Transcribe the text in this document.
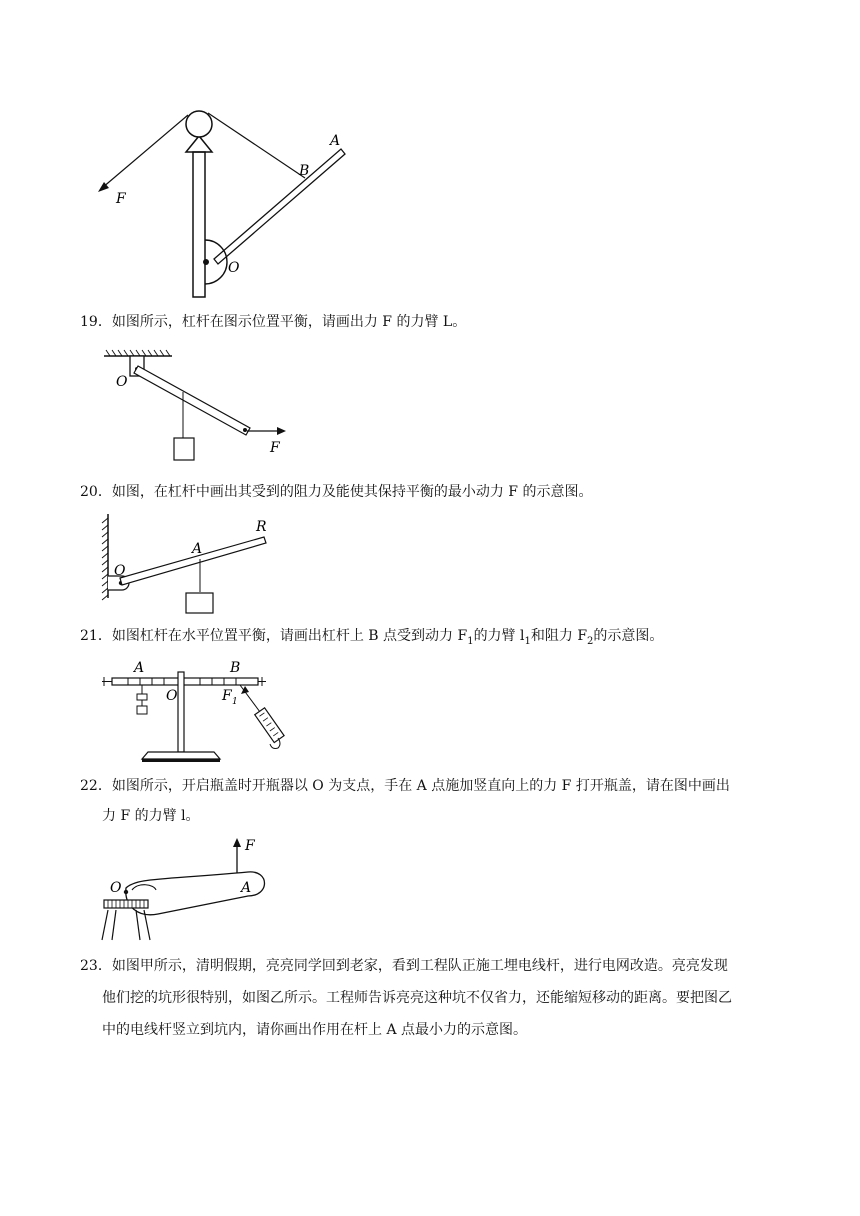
A
B
O
F
19．如图所示，杠杆在图示位置平衡，请画出力 F 的力臂 L。
O
F
20．如图，在杠杆中画出其受到的阻力及能使其保持平衡的最小动力 F 的示意图。
O
A
R
21．如图杠杆在水平位置平衡，请画出杠杆上 B 点受到动力 $F_1$的力臂 $l_1$和阻力 $F_2$的示意图。
A
O
B
F 1
22．如图所示，开启瓶盖时开瓶器以 O 为支点，手在 A 点施加竖直向上的力 F 打开瓶盖，请在图中画出
力 F 的力臂 l。
O	A
F
23．如图甲所示，清明假期，亮亮同学回到老家，看到工程队正施工埋电线杆，进行电网改造。亮亮发现
他们挖的坑形很特别，如图乙所示。工程师告诉亮亮这种坑不仅省力，还能缩短移动的距离。要把图乙
中的电线杆竖立到坑内，请你画出作用在杆上 A 点最小力的示意图。
